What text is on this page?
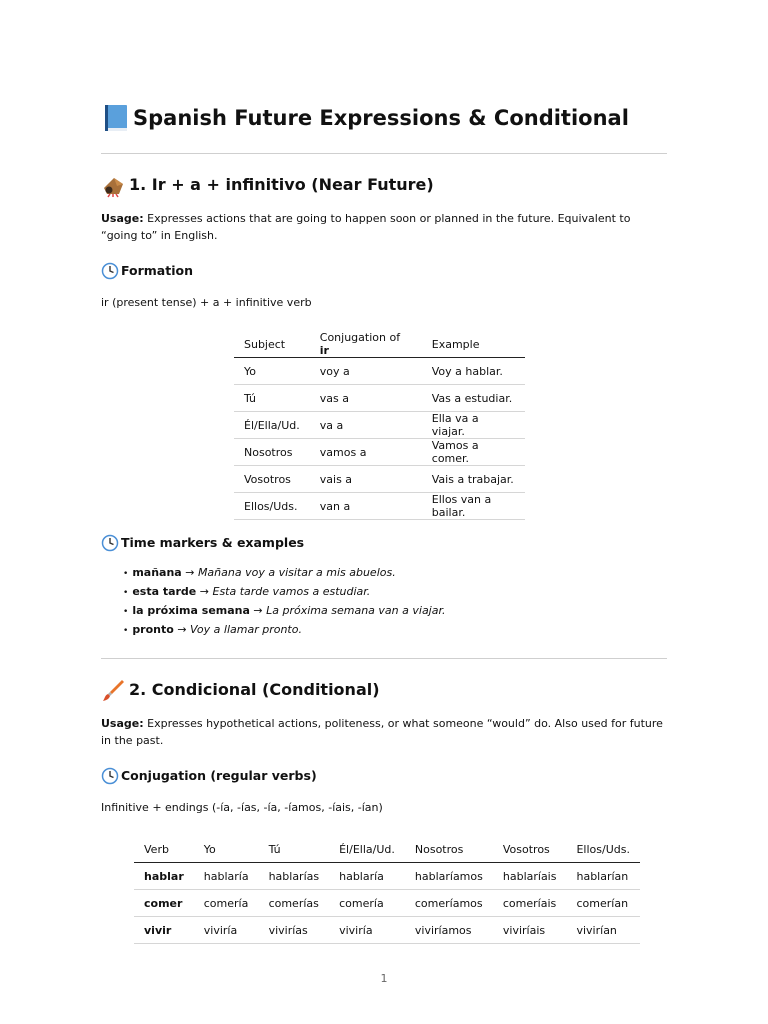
Spanish Future Expressions & Conditional
1. Ir + a + infinitivo (Near Future)

Usage: Expresses actions that are going to happen soon or planned in the future. Equivalent to “going to” in English.

Formation

ir (present tense) + a + infinitive verb

Subject	Conjugation of ir	Example
Yo	voy a	Voy a hablar.
Tú	vas a	Vas a estudiar.
Él/Ella/Ud.	va a	Ella va a viajar.
Nosotros	vamos a	Vamos a comer.
Vosotros	vais a	Vais a trabajar.
Ellos/Uds.	van a	Ellos van a bailar.
Time markers & examples
• mañana → Mañana voy a visitar a mis abuelos.
• esta tarde → Esta tarde vamos a estudiar.
• la próxima semana → La próxima semana van a viajar.
• pronto → Voy a llamar pronto.
2. Condicional (Conditional)

Usage: Expresses hypothetical actions, politeness, or what someone “would” do. Also used for future in the past.

Conjugation (regular verbs)

Infinitive + endings (-ía, -ías, -ía, -íamos, -íais, -ían)

Verb	Yo	Tú	Él/Ella/Ud.	Nosotros	Vosotros	Ellos/Uds.
hablar	hablaría	hablarías	hablaría	hablaríamos	hablaríais	hablarían
comer	comería	comerías	comería	comeríamos	comeríais	comerían
vivir	viviría	vivirías	viviría	viviríamos	viviríais	vivirían
1
